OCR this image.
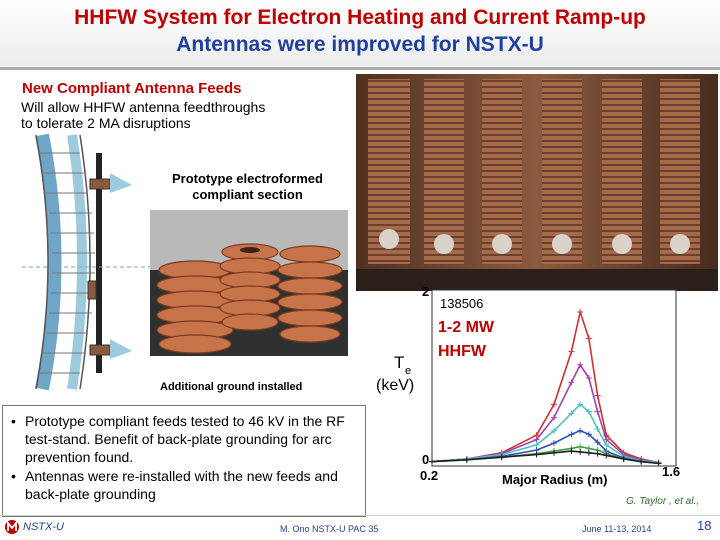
HHFW System for Electron Heating and Current Ramp-up
Antennas were improved for NSTX-U
New Compliant Antenna Feeds
Will allow HHFW antenna feedthroughs
to tolerate 2 MA disruptions
Prototype electroformed
compliant section
Additional ground installed
• Prototype compliant feeds tested to 46 kV in the RF test-stand. Benefit of back-plate grounding for arc prevention found.
• Antennas were re-installed with the new feeds and back-plate grounding
138506
2
0
0.2	1.6
Major Radius (m)
T e
(keV)
1-2 MW
HHFW
G. Taylor , et al.,
NSTX-U	M. Ono NSTX-U PAC 35	June 11-13, 2014	18
